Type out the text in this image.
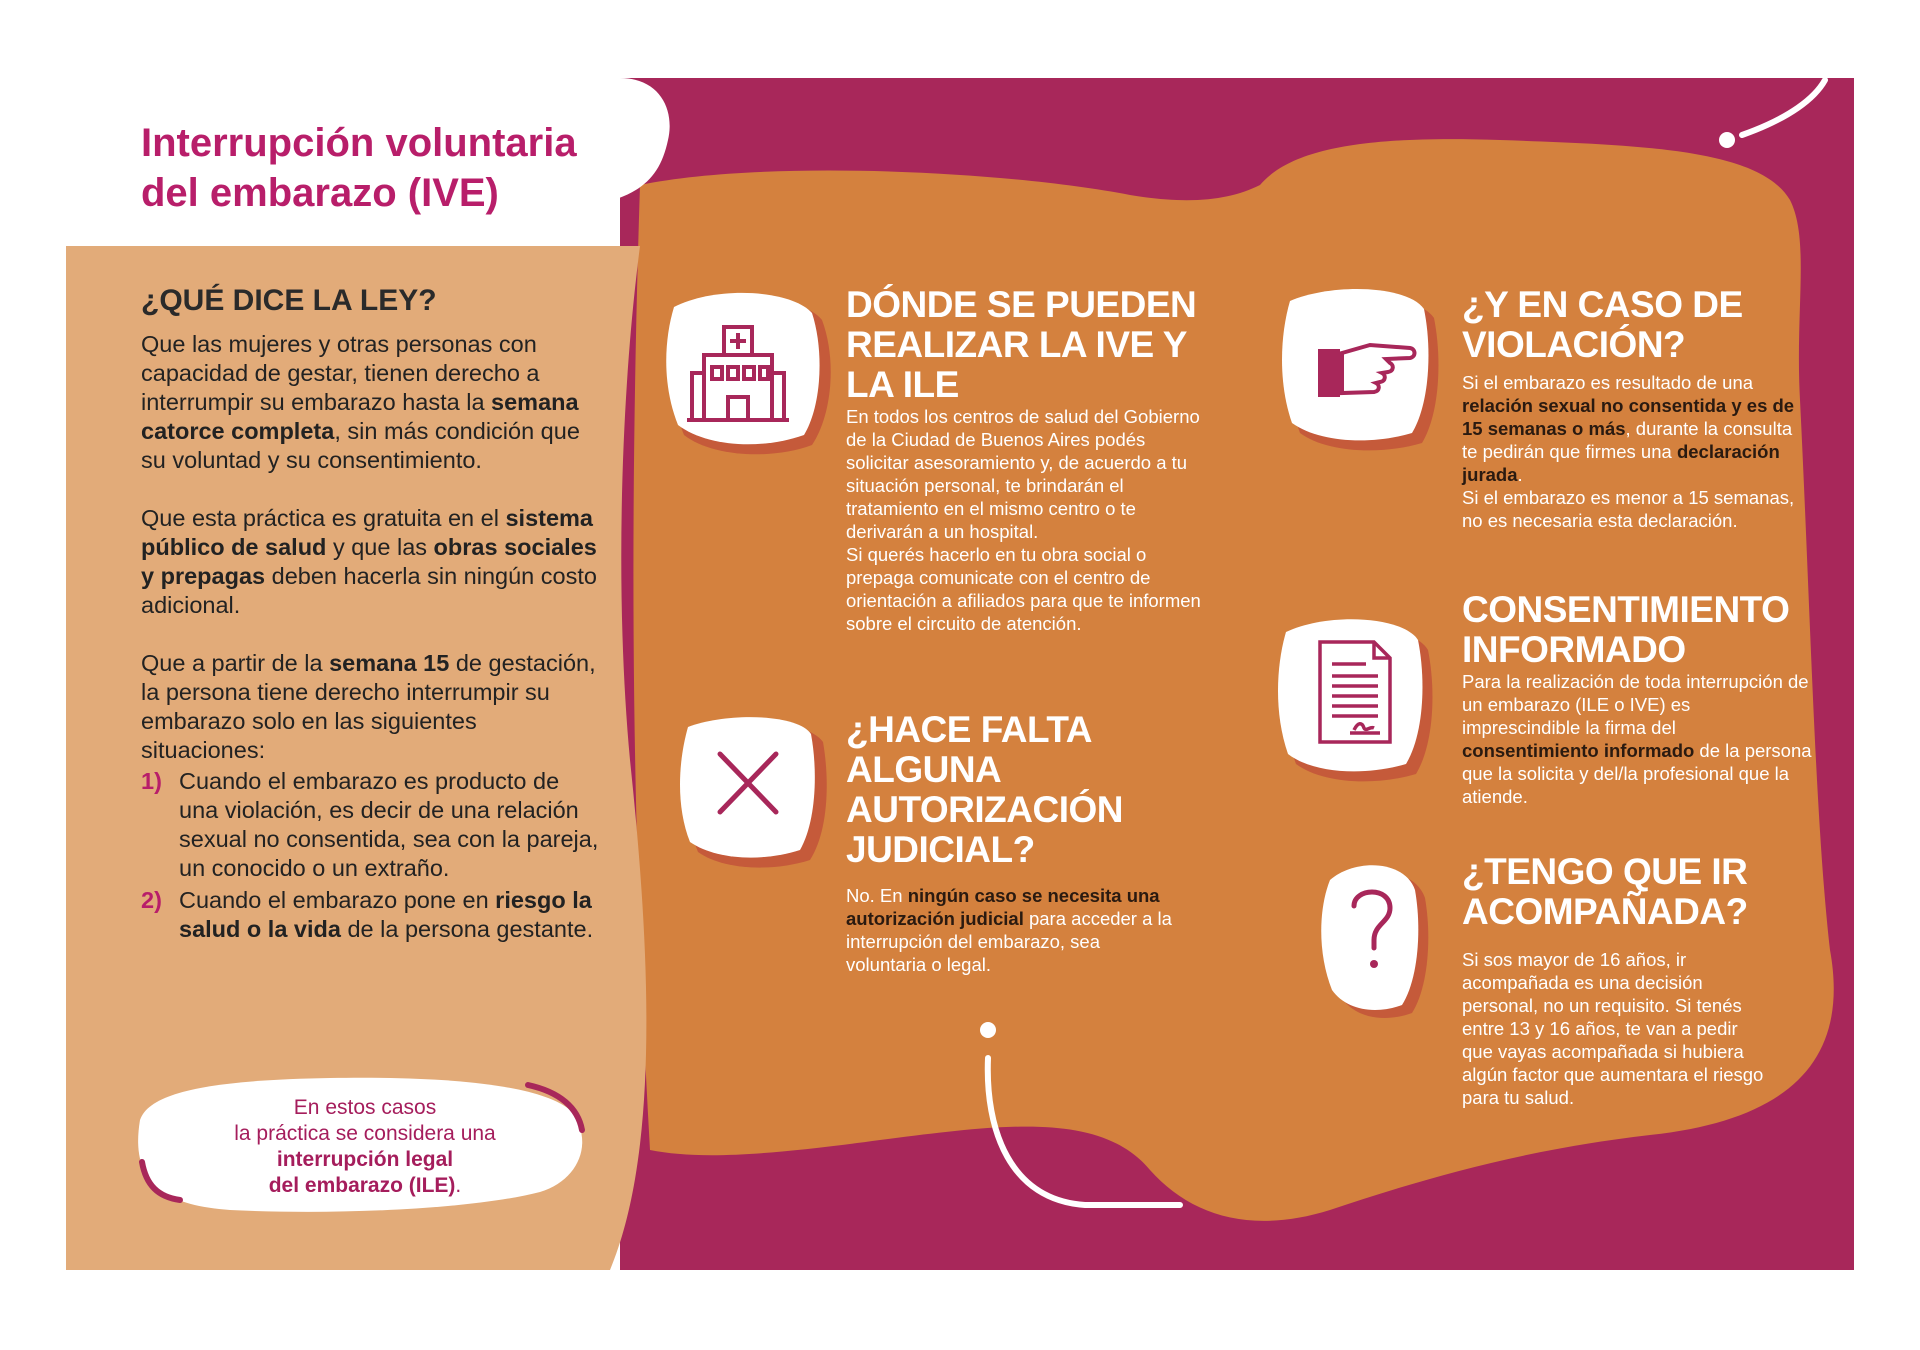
Interrupción voluntaria
del embarazo (IVE)
¿QUÉ DICE LA LEY?

Que las mujeres y otras personas con capacidad de gestar, tienen derecho a interrumpir su embarazo hasta la semana catorce completa, sin más condición que su voluntad y su consentimiento.

Que esta práctica es gratuita en el sistema público de salud y que las obras sociales y prepagas deben hacerla sin ningún costo adicional.

Que a partir de la semana 15 de gestación, la persona tiene derecho interrumpir su embarazo solo en las siguientes situaciones:

1) Cuando el embarazo es producto de una violación, es decir de una relación sexual no consentida, sea con la pareja, un conocido o un extraño.
2) Cuando el embarazo pone en riesgo la salud o la vida de la persona gestante.
En estos casos
la práctica se considera una
interrupción legal
del embarazo (ILE).
DÓNDE SE PUEDEN REALIZAR LA IVE Y LA ILE
En todos los centros de salud del Gobierno de la Ciudad de Buenos Aires podés solicitar asesoramiento y, de acuerdo a tu situación personal, te brindarán el tratamiento en el mismo centro o te derivarán a un hospital.
Si querés hacerlo en tu obra social o prepaga comunicate con el centro de orientación a afiliados para que te informen sobre el circuito de atención.
¿HACE FALTA ALGUNA AUTORIZACIÓN JUDICIAL?
No. En ningún caso se necesita una autorización judicial para acceder a la interrupción del embarazo, sea voluntaria o legal.
¿Y EN CASO DE VIOLACIÓN?
Si el embarazo es resultado de una relación sexual no consentida y es de 15 semanas o más, durante la consulta te pedirán que firmes una declaración jurada.
Si el embarazo es menor a 15 semanas, no es necesaria esta declaración.
CONSENTIMIENTO INFORMADO
Para la realización de toda interrupción de un embarazo (ILE o IVE) es imprescindible la firma del consentimiento informado de la persona que la solicita y del/la profesional que la atiende.
¿TENGO QUE IR ACOMPAÑADA?
Si sos mayor de 16 años, ir acompañada es una decisión personal, no un requisito. Si tenés entre 13 y 16 años, te van a pedir que vayas acompañada si hubiera algún factor que aumentara el riesgo para tu salud.
